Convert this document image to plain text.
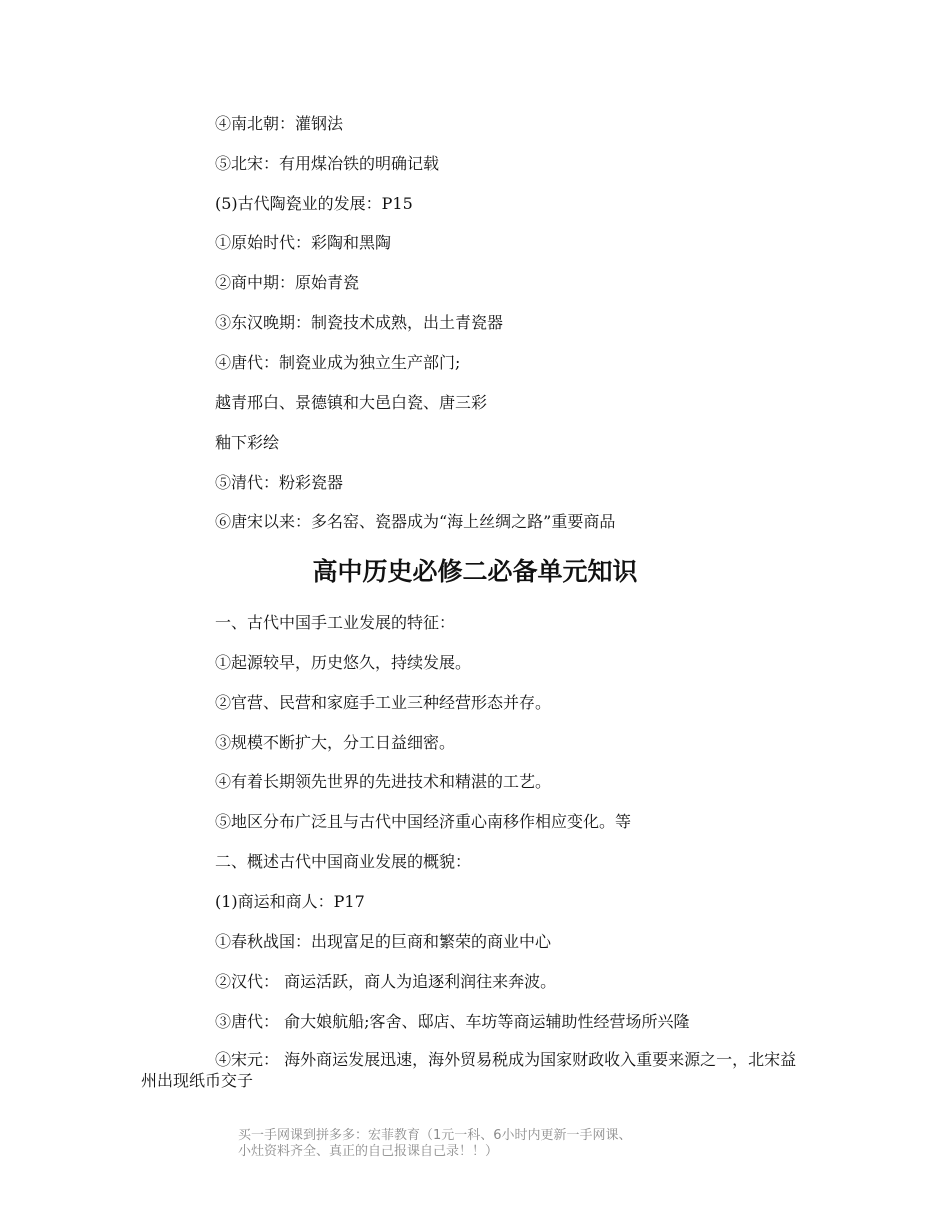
④南北朝：灌钢法
⑤北宋：有用煤冶铁的明确记载
(5)古代陶瓷业的发展：P15
①原始时代：彩陶和黑陶
②商中期：原始青瓷
③东汉晚期：制瓷技术成熟，出土青瓷器
④唐代：制瓷业成为独立生产部门;
越青邢白、景德镇和大邑白瓷、唐三彩
釉下彩绘
⑤清代：粉彩瓷器
⑥唐宋以来：多名窑、瓷器成为“海上丝绸之路”重要商品
高中历史必修二必备单元知识
一、古代中国手工业发展的特征：
①起源较早，历史悠久，持续发展。
②官营、民营和家庭手工业三种经营形态并存。
③规模不断扩大，分工日益细密。
④有着长期领先世界的先进技术和精湛的工艺。
⑤地区分布广泛且与古代中国经济重心南移作相应变化。等
二、概述古代中国商业发展的概貌：
(1)商运和商人：P17
①春秋战国：出现富足的巨商和繁荣的商业中心
②汉代： 商运活跃，商人为追逐利润往来奔波。
③唐代： 俞大娘航船;客舍、邸店、车坊等商运辅助性经营场所兴隆
④宋元： 海外商运发展迅速，海外贸易税成为国家财政收入重要来源之一，北宋益州出现纸币交子
买一手网课到拼多多：宏菲教育（1元一科、6小时内更新一手网课、
小灶资料齐全、真正的自己报课自己录！！）
